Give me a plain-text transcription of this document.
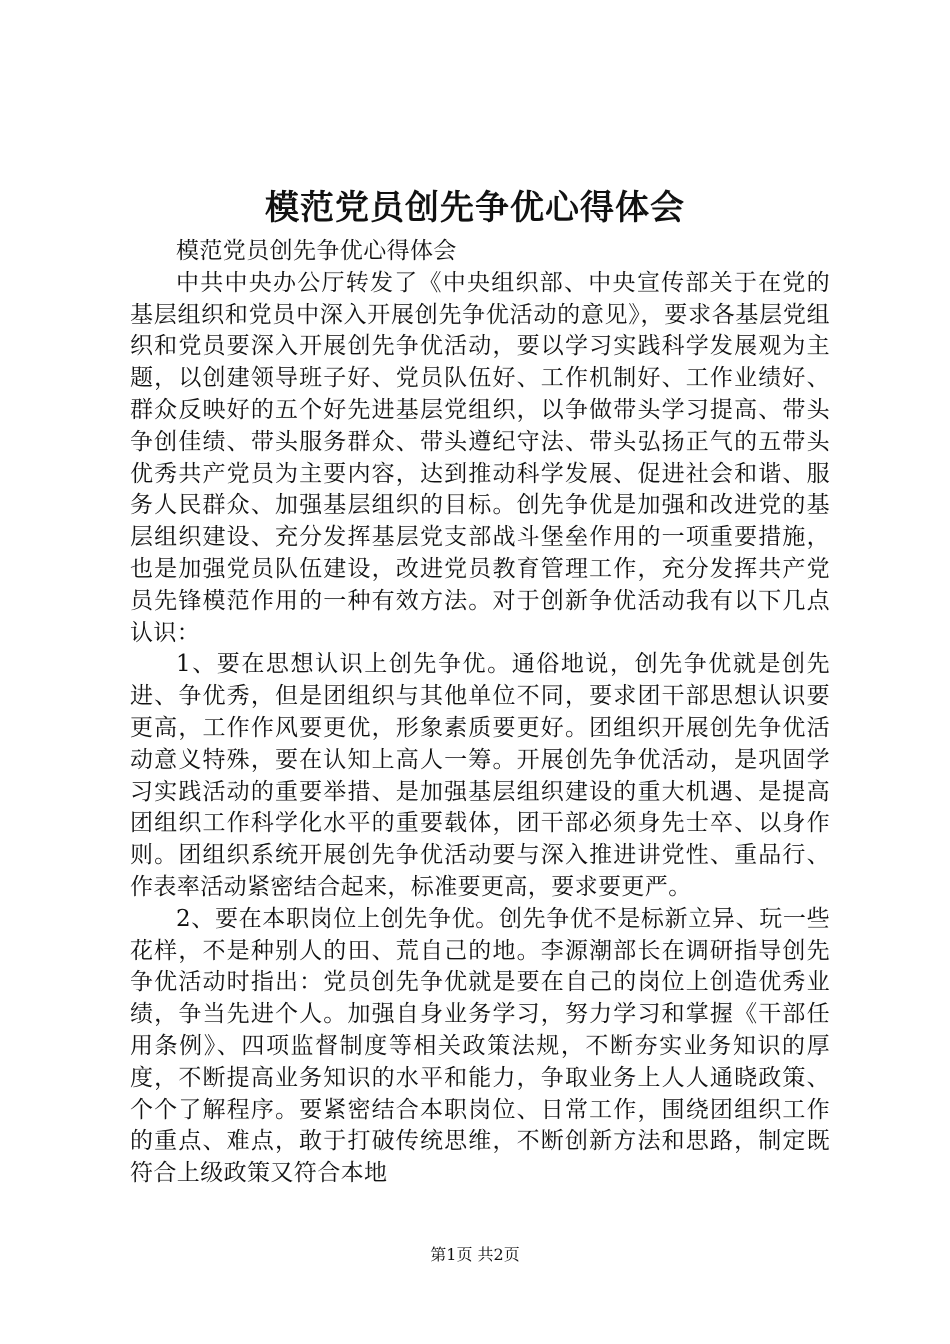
模范党员创先争优心得体会

模范党员创先争优心得体会

中共中央办公厅转发了《中央组织部、中央宣传部关于在党的基层组织和党员中深入开展创先争优活动的意见》，要求各基层党组织和党员要深入开展创先争优活动，要以学习实践科学发展观为主题，以创建领导班子好、党员队伍好、工作机制好、工作业绩好、群众反映好的五个好先进基层党组织，以争做带头学习提高、带头争创佳绩、带头服务群众、带头遵纪守法、带头弘扬正气的五带头优秀共产党员为主要内容，达到推动科学发展、促进社会和谐、服务人民群众、加强基层组织的目标。创先争优是加强和改进党的基层组织建设、充分发挥基层党支部战斗堡垒作用的一项重要措施，也是加强党员队伍建设，改进党员教育管理工作，充分发挥共产党员先锋模范作用的一种有效方法。对于创新争优活动我有以下几点认识：

1、要在思想认识上创先争优。通俗地说，创先争优就是创先进、争优秀，但是团组织与其他单位不同，要求团干部思想认识要更高，工作作风要更优，形象素质要更好。团组织开展创先争优活动意义特殊，要在认知上高人一筹。开展创先争优活动，是巩固学习实践活动的重要举措、是加强基层组织建设的重大机遇、是提高团组织工作科学化水平的重要载体，团干部必须身先士卒、以身作则。团组织系统开展创先争优活动要与深入推进讲党性、重品行、作表率活动紧密结合起来，标准要更高，要求要更严。

2、要在本职岗位上创先争优。创先争优不是标新立异、玩一些花样，不是种别人的田、荒自己的地。李源潮部长在调研指导创先争优活动时指出：党员创先争优就是要在自己的岗位上创造优秀业绩，争当先进个人。加强自身业务学习，努力学习和掌握《干部任用条例》、四项监督制度等相关政策法规，不断夯实业务知识的厚度，不断提高业务知识的水平和能力，争取业务上人人通晓政策、个个了解程序。要紧密结合本职岗位、日常工作，围绕团组织工作的重点、难点，敢于打破传统思维，不断创新方法和思路，制定既符合上级政策又符合本地

第1页 共2页
